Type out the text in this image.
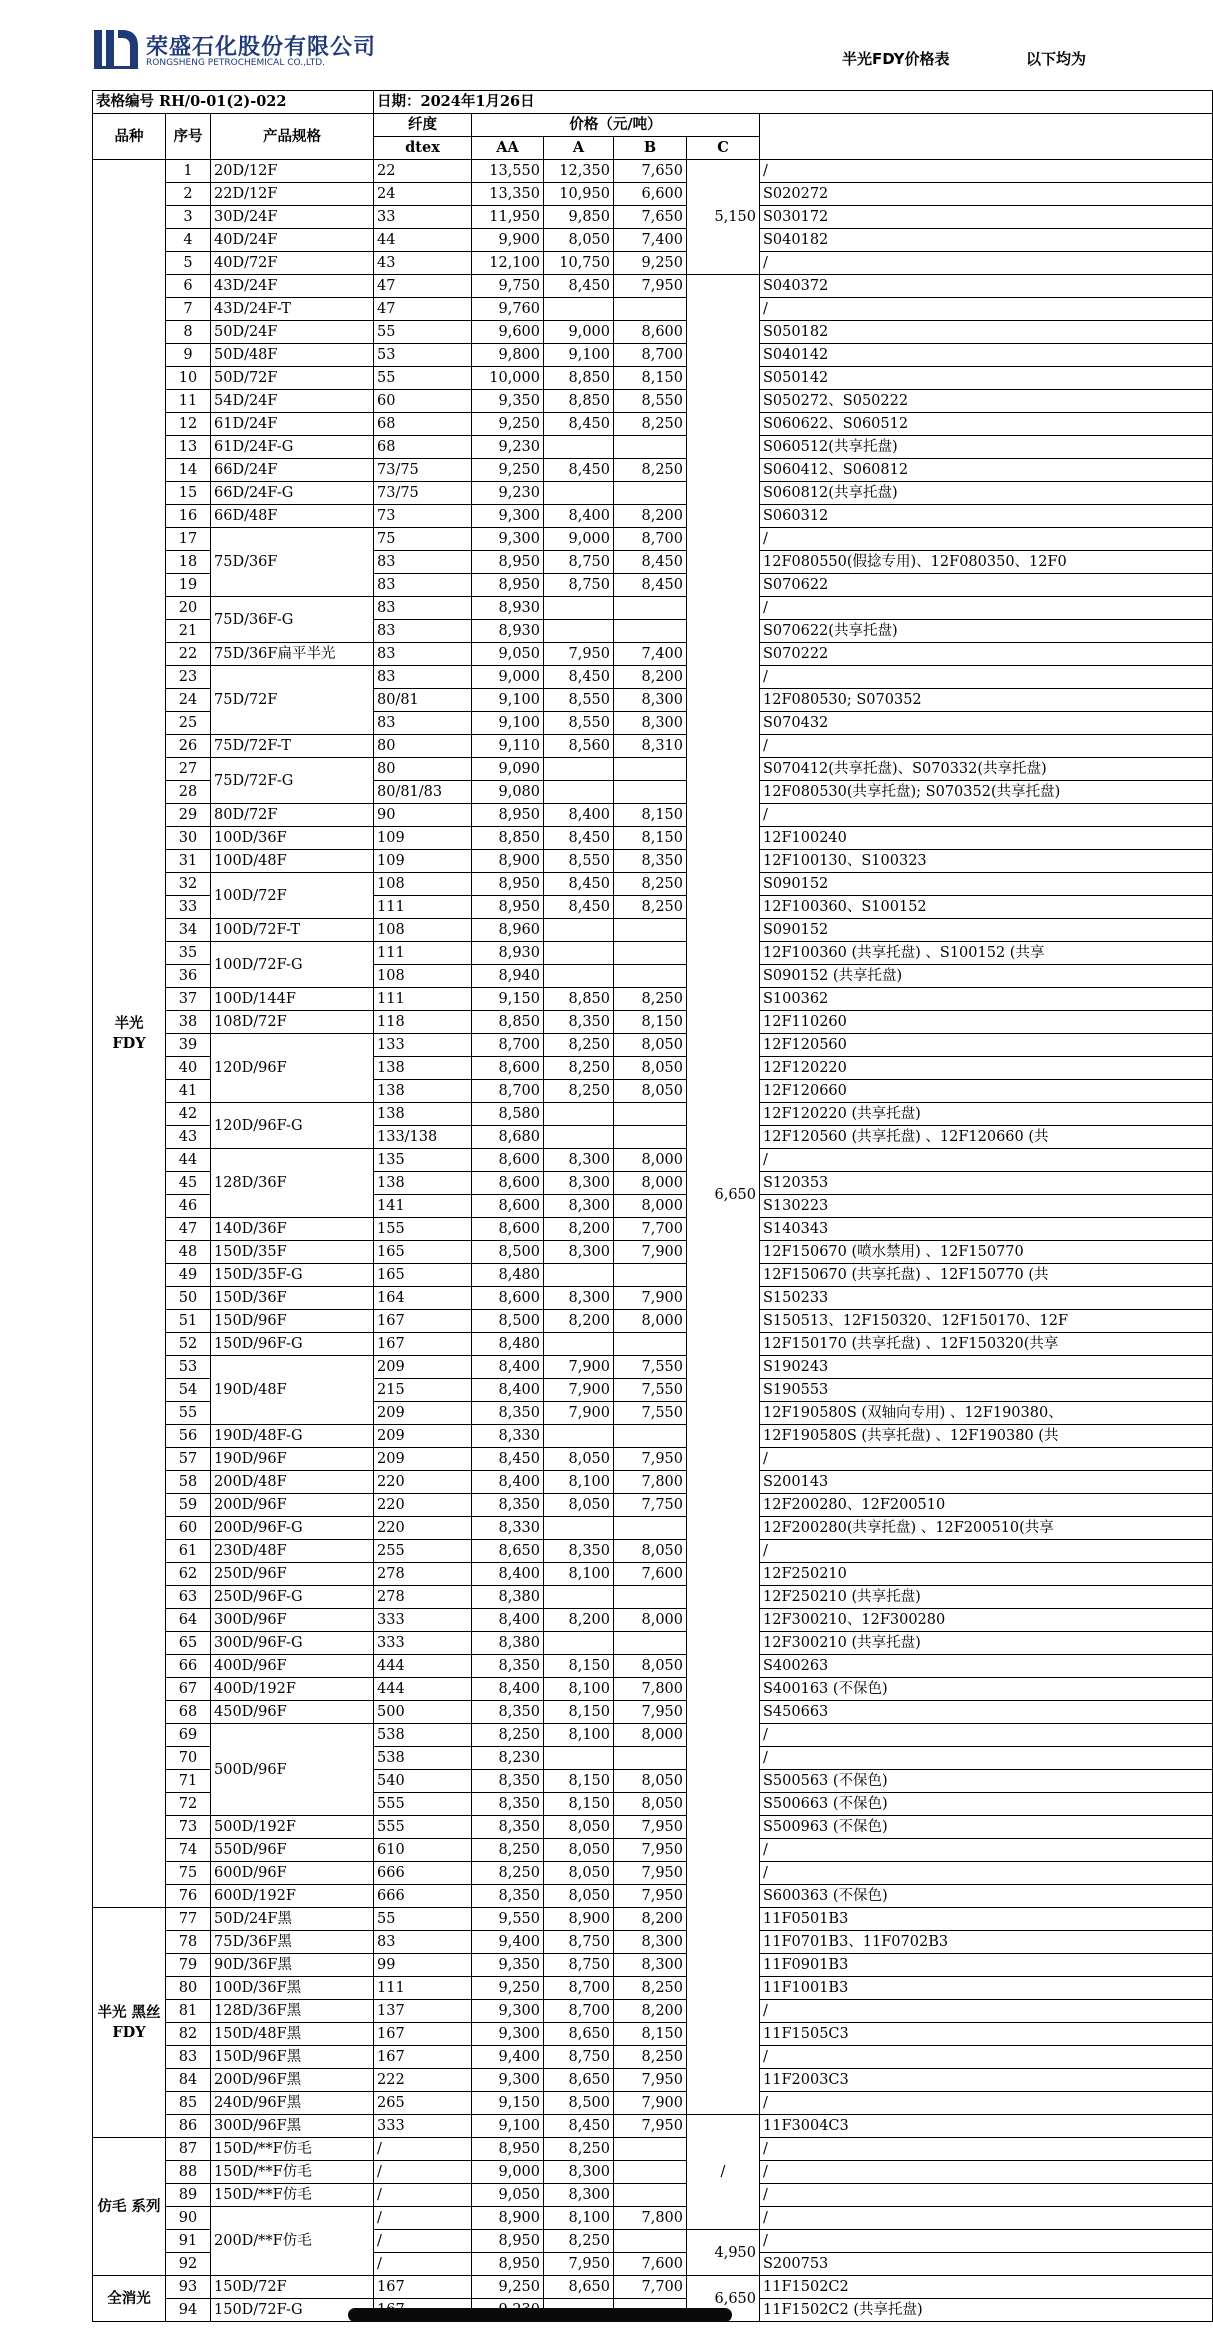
荣盛石化股份有限公司
RONGSHENG PETROCHEMICAL CO.,LTD.	半光FDY价格表	以下均为
表格编号 RH/0-01(2)-022			日期：2024年1月26日					
品种	序号	产品规格	纤度	价格（元/吨）				
			dtex	AA	A	B	C	
半光 FDY	1	20D/12F	22	13,550	12,350	7,650	5,150	/
	2	22D/12F	24	13,350	10,950	6,600		S020272
	3	30D/24F	33	11,950	9,850	7,650		S030172
	4	40D/24F	44	9,900	8,050	7,400		S040182
	5	40D/72F	43	12,100	10,750	9,250		/
	6	43D/24F	47	9,750	8,450	7,950	6,650	S040372
	7	43D/24F-T	47	9,760				/
	8	50D/24F	55	9,600	9,000	8,600		S050182
	9	50D/48F	53	9,800	9,100	8,700		S040142
	10	50D/72F	55	10,000	8,850	8,150		S050142
	11	54D/24F	60	9,350	8,850	8,550		S050272、S050222
	12	61D/24F	68	9,250	8,450	8,250		S060622、S060512
	13	61D/24F-G	68	9,230				S060512(共享托盘)
	14	66D/24F	73/75	9,250	8,450	8,250		S060412、S060812
	15	66D/24F-G	73/75	9,230				S060812(共享托盘)
	16	66D/48F	73	9,300	8,400	8,200		S060312
	17	75D/36F	75	9,300	9,000	8,700		/
	18		83	8,950	8,750	8,450		12F080550(假捻专用)、12F080350、12F0
	19		83	8,950	8,750	8,450		S070622
	20	75D/36F-G	83	8,930				/
	21		83	8,930				S070622(共享托盘)
	22	75D/36F扁平半光	83	9,050	7,950	7,400		S070222
	23	75D/72F	83	9,000	8,450	8,200		/
	24		80/81	9,100	8,550	8,300		12F080530; S070352
	25		83	9,100	8,550	8,300		S070432
	26	75D/72F-T	80	9,110	8,560	8,310		/
	27	75D/72F-G	80	9,090				S070412(共享托盘)、S070332(共享托盘)
	28		80/81/83	9,080				12F080530(共享托盘); S070352(共享托盘)
	29	80D/72F	90	8,950	8,400	8,150		/
	30	100D/36F	109	8,850	8,450	8,150		12F100240
	31	100D/48F	109	8,900	8,550	8,350		12F100130、S100323
	32	100D/72F	108	8,950	8,450	8,250		S090152
	33		111	8,950	8,450	8,250		12F100360、S100152
	34	100D/72F-T	108	8,960				S090152
	35	100D/72F-G	111	8,930				12F100360 (共享托盘) 、S100152 (共享
	36		108	8,940				S090152 (共享托盘)
	37	100D/144F	111	9,150	8,850	8,250		S100362
	38	108D/72F	118	8,850	8,350	8,150		12F110260
	39	120D/96F	133	8,700	8,250	8,050		12F120560
	40		138	8,600	8,250	8,050		12F120220
	41		138	8,700	8,250	8,050		12F120660
	42	120D/96F-G	138	8,580				12F120220 (共享托盘)
	43		133/138	8,680				12F120560 (共享托盘) 、12F120660 (共
	44	128D/36F	135	8,600	8,300	8,000		/
	45		138	8,600	8,300	8,000		S120353
	46		141	8,600	8,300	8,000		S130223
	47	140D/36F	155	8,600	8,200	7,700		S140343
	48	150D/35F	165	8,500	8,300	7,900		12F150670 (喷水禁用) 、12F150770
	49	150D/35F-G	165	8,480				12F150670 (共享托盘) 、12F150770 (共
	50	150D/36F	164	8,600	8,300	7,900		S150233
	51	150D/96F	167	8,500	8,200	8,000		S150513、12F150320、12F150170、12F
	52	150D/96F-G	167	8,480				12F150170 (共享托盘) 、12F150320(共享
	53	190D/48F	209	8,400	7,900	7,550		S190243
	54		215	8,400	7,900	7,550		S190553
	55		209	8,350	7,900	7,550		12F190580S (双轴向专用) 、12F190380、
	56	190D/48F-G	209	8,330				12F190580S (共享托盘) 、12F190380 (共
	57	190D/96F	209	8,450	8,050	7,950		/
	58	200D/48F	220	8,400	8,100	7,800		S200143
	59	200D/96F	220	8,350	8,050	7,750		12F200280、12F200510
	60	200D/96F-G	220	8,330				12F200280(共享托盘) 、12F200510(共享
	61	230D/48F	255	8,650	8,350	8,050		/
	62	250D/96F	278	8,400	8,100	7,600		12F250210
	63	250D/96F-G	278	8,380				12F250210 (共享托盘)
	64	300D/96F	333	8,400	8,200	8,000		12F300210、12F300280
	65	300D/96F-G	333	8,380				12F300210 (共享托盘)
	66	400D/96F	444	8,350	8,150	8,050		S400263
	67	400D/192F	444	8,400	8,100	7,800		S400163 (不保色)
	68	450D/96F	500	8,350	8,150	7,950		S450663
	69	500D/96F	538	8,250	8,100	8,000		/
	70		538	8,230				/
	71		540	8,350	8,150	8,050		S500563 (不保色)
	72		555	8,350	8,150	8,050		S500663 (不保色)
	73	500D/192F	555	8,350	8,050	7,950		S500963 (不保色)
	74	550D/96F	610	8,250	8,050	7,950		/
	75	600D/96F	666	8,250	8,050	7,950		/
	76	600D/192F	666	8,350	8,050	7,950		S600363 (不保色)
半光 黑丝 FDY	77	50D/24F黑	55	9,550	8,900	8,200		11F0501B3
	78	75D/36F黑	83	9,400	8,750	8,300		11F0701B3、11F0702B3
	79	90D/36F黑	99	9,350	8,750	8,300		11F0901B3
	80	100D/36F黑	111	9,250	8,700	8,250		11F1001B3
	81	128D/36F黑	137	9,300	8,700	8,200		/
	82	150D/48F黑	167	9,300	8,650	8,150		11F1505C3
	83	150D/96F黑	167	9,400	8,750	8,250		/
	84	200D/96F黑	222	9,300	8,650	7,950		11F2003C3
	85	240D/96F黑	265	9,150	8,500	7,900		/
	86	300D/96F黑	333	9,100	8,450	7,950	/	11F3004C3
仿毛 系列	87	150D/**F仿毛	/	8,950	8,250			/
	88	150D/**F仿毛	/	9,000	8,300			/
	89	150D/**F仿毛	/	9,050	8,300			/
	90	200D/**F仿毛	/	8,900	8,100	7,800		/
	91		/	8,950	8,250		4,950	/
	92		/	8,950	7,950	7,600		S200753
全消光	93	150D/72F	167	9,250	8,650	7,700	6,650	11F1502C2
	94	150D/72F-G						11F1502C2 (共享托盘)
